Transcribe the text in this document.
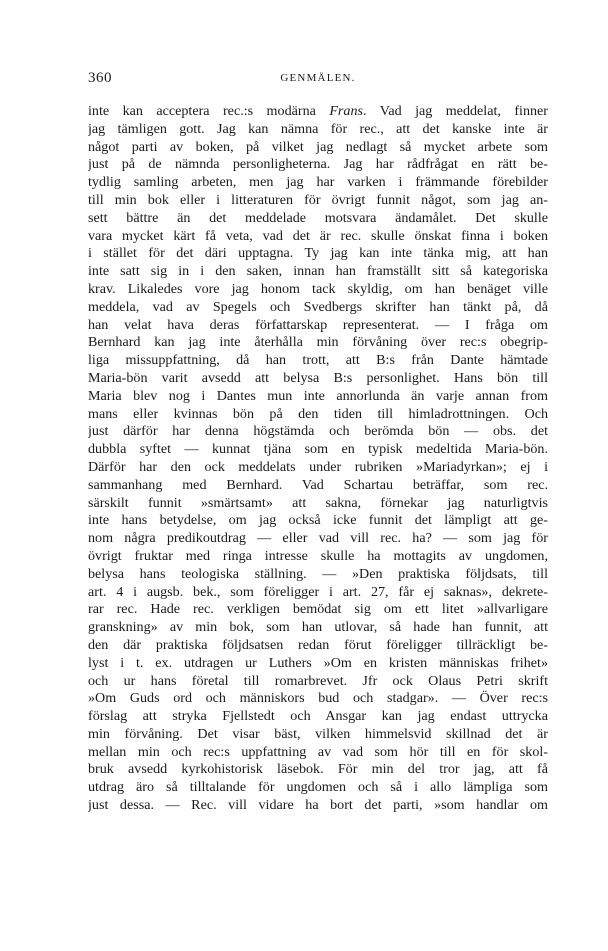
360	GENMÄLEN.
inte kan acceptera rec.:s modärna Frans. Vad jag meddelat, finner
jag tämligen gott. Jag kan nämna för rec., att det kanske inte är
något parti av boken, på vilket jag nedlagt så mycket arbete som
just på de nämnda personligheterna. Jag har rådfrågat en rätt be-
tydlig samling arbeten, men jag har varken i främmande förebilder
till min bok eller i litteraturen för övrigt funnit något, som jag an-
sett bättre än det meddelade motsvara ändamålet. Det skulle
vara mycket kärt få veta, vad det är rec. skulle önskat finna i boken
i stället för det däri upptagna. Ty jag kan inte tänka mig, att han
inte satt sig in i den saken, innan han framställt sitt så kategoriska
krav. Likaledes vore jag honom tack skyldig, om han benäget ville
meddela, vad av Spegels och Svedbergs skrifter han tänkt på, då
han velat hava deras författarskap representerat. — I fråga om
Bernhard kan jag inte återhålla min förvåning över rec:s obegrip-
liga missuppfattning, då han trott, att B:s från Dante hämtade
Maria-bön varit avsedd att belysa B:s personlighet. Hans bön till
Maria blev nog i Dantes mun inte annorlunda än varje annan from
mans eller kvinnas bön på den tiden till himladrottningen. Och
just därför har denna högstämda och berömda bön — obs. det
dubbla syftet — kunnat tjäna som en typisk medeltida Maria-bön.
Därför har den ock meddelats under rubriken »Mariadyrkan»; ej i
sammanhang med Bernhard. Vad Schartau beträffar, som rec.
särskilt funnit »smärtsamt» att sakna, förnekar jag naturligtvis
inte hans betydelse, om jag också icke funnit det lämpligt att ge-
nom några predikoutdrag — eller vad vill rec. ha? — som jag för
övrigt fruktar med ringa intresse skulle ha mottagits av ungdomen,
belysa hans teologiska ställning. — »Den praktiska följdsats, till
art. 4 i augsb. bek., som föreligger i art. 27, får ej saknas», dekrete-
rar rec. Hade rec. verkligen bemödat sig om ett litet »allvarligare
granskning» av min bok, som han utlovar, så hade han funnit, att
den där praktiska följdsatsen redan förut föreligger tillräckligt be-
lyst i t. ex. utdragen ur Luthers »Om en kristen människas frihet»
och ur hans företal till romarbrevet. Jfr ock Olaus Petri skrift
»Om Guds ord och människors bud och stadgar». — Över rec:s
förslag att stryka Fjellstedt och Ansgar kan jag endast uttrycka
min förvåning. Det visar bäst, vilken himmelsvid skillnad det är
mellan min och rec:s uppfattning av vad som hör till en för skol-
bruk avsedd kyrkohistorisk läsebok. För min del tror jag, att få
utdrag äro så tilltalande för ungdomen och så i allo lämpliga som
just dessa. — Rec. vill vidare ha bort det parti, »som handlar om
